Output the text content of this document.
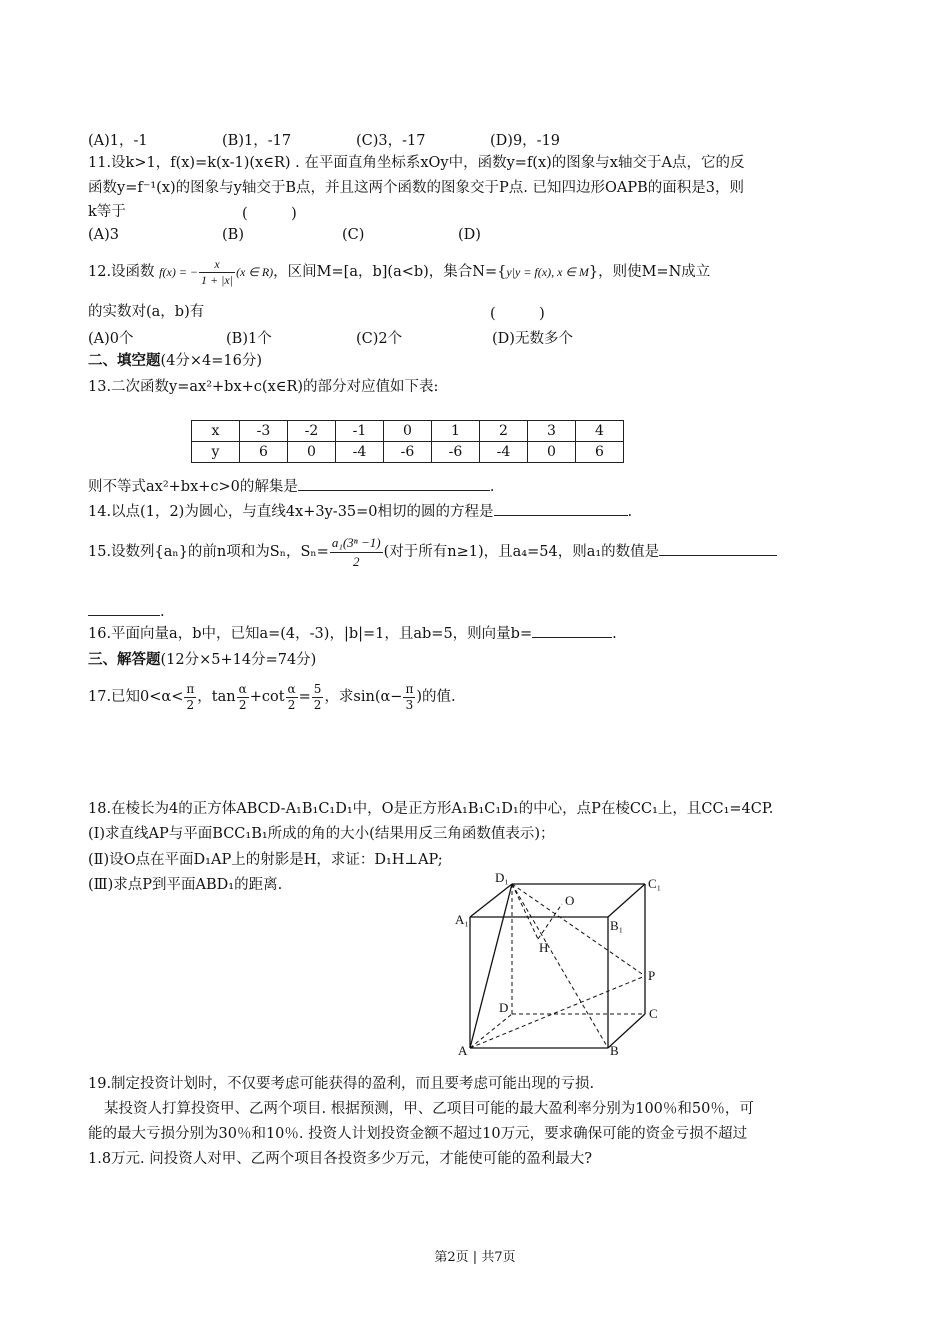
(A)1，-1	(B)1，-17	(C)3，-17	(D)9，-19
11.设k>1，f(x)=k(x-1)(x∈R) . 在平面直角坐标系xOy中，函数y=f(x)的图象与x轴交于A点，它的反
函数y=f⁻¹(x)的图象与y轴交于B点，并且这两个函数的图象交于P点. 已知四边形OAPB的面积是3，则
k等于	(　　　)
(A)3	(B)	(C)	(D)
12.设函数 f(x) = − $\frac{x}{1 + |x|} (x$ ∈ R)，区间M=[a，b](a<b)，集合N={y|y = f(x), x ∈ M}，则使M=N成立
的实数对(a，b)有	(　　　)
(A)0个	(B)1个	(C)2个	(D)无数多个
二、填空题(4分×4=16分)
13.二次函数y=ax²+bx+c(x∈R)的部分对应值如下表:
x	-3	-2	-1	0	1	2	3	4
y	6	0	-4	-6	-6	-4	0	6
则不等式ax²+bx+c>0的解集是	.
14.以点(1，2)为圆心，与直线4x+3y-35=0相切的圆的方程是	.
15.设数列{aₙ}的前n项和为Sₙ，$S_n= \frac{\text{a₁(3ⁿ −1)}}{2}$ (对于所有n≥1)，且a₄=54，则a₁的数值是
.
16.平面向量a，b中，已知a=(4，-3)，|b|=1，且ab=5，则向量b=	.
三、解答题(12分×5+14分=74分)
17.已知$0<\alpha< \frac{\pi}{2}$ ，$\tan \frac{\alpha}{2} +\cot \frac{\alpha}{2} = \frac{5}{2}$ ，求$\sin(\alpha- \frac{\pi}{3}$ )的值.
18.在棱长为4的正方体ABCD-A₁B₁C₁D₁中，O是正方形A₁B₁C₁D₁的中心，点P在棱CC₁上，且CC₁=4CP.
(Ⅰ)求直线AP与平面BCC₁B₁所成的角的大小(结果用反三角函数值表示)；
(Ⅱ)设O点在平面D₁AP上的射影是H，求证：D₁H⊥AP;
(Ⅲ)求点P到平面ABD₁的距离.	D₁	C₁
A₁	B₁
O
H
P
D	C
A	B
19.制定投资计划时，不仅要考虑可能获得的盈利，而且要考虑可能出现的亏损.
某投资人打算投资甲、乙两个项目. 根据预测，甲、乙项目可能的最大盈利率分别为100％和50％，可
能的最大亏损分别为30％和10％. 投资人计划投资金额不超过10万元，要求确保可能的资金亏损不超过
1.8万元. 问投资人对甲、乙两个项目各投资多少万元，才能使可能的盈利最大?
第2页 | 共7页
